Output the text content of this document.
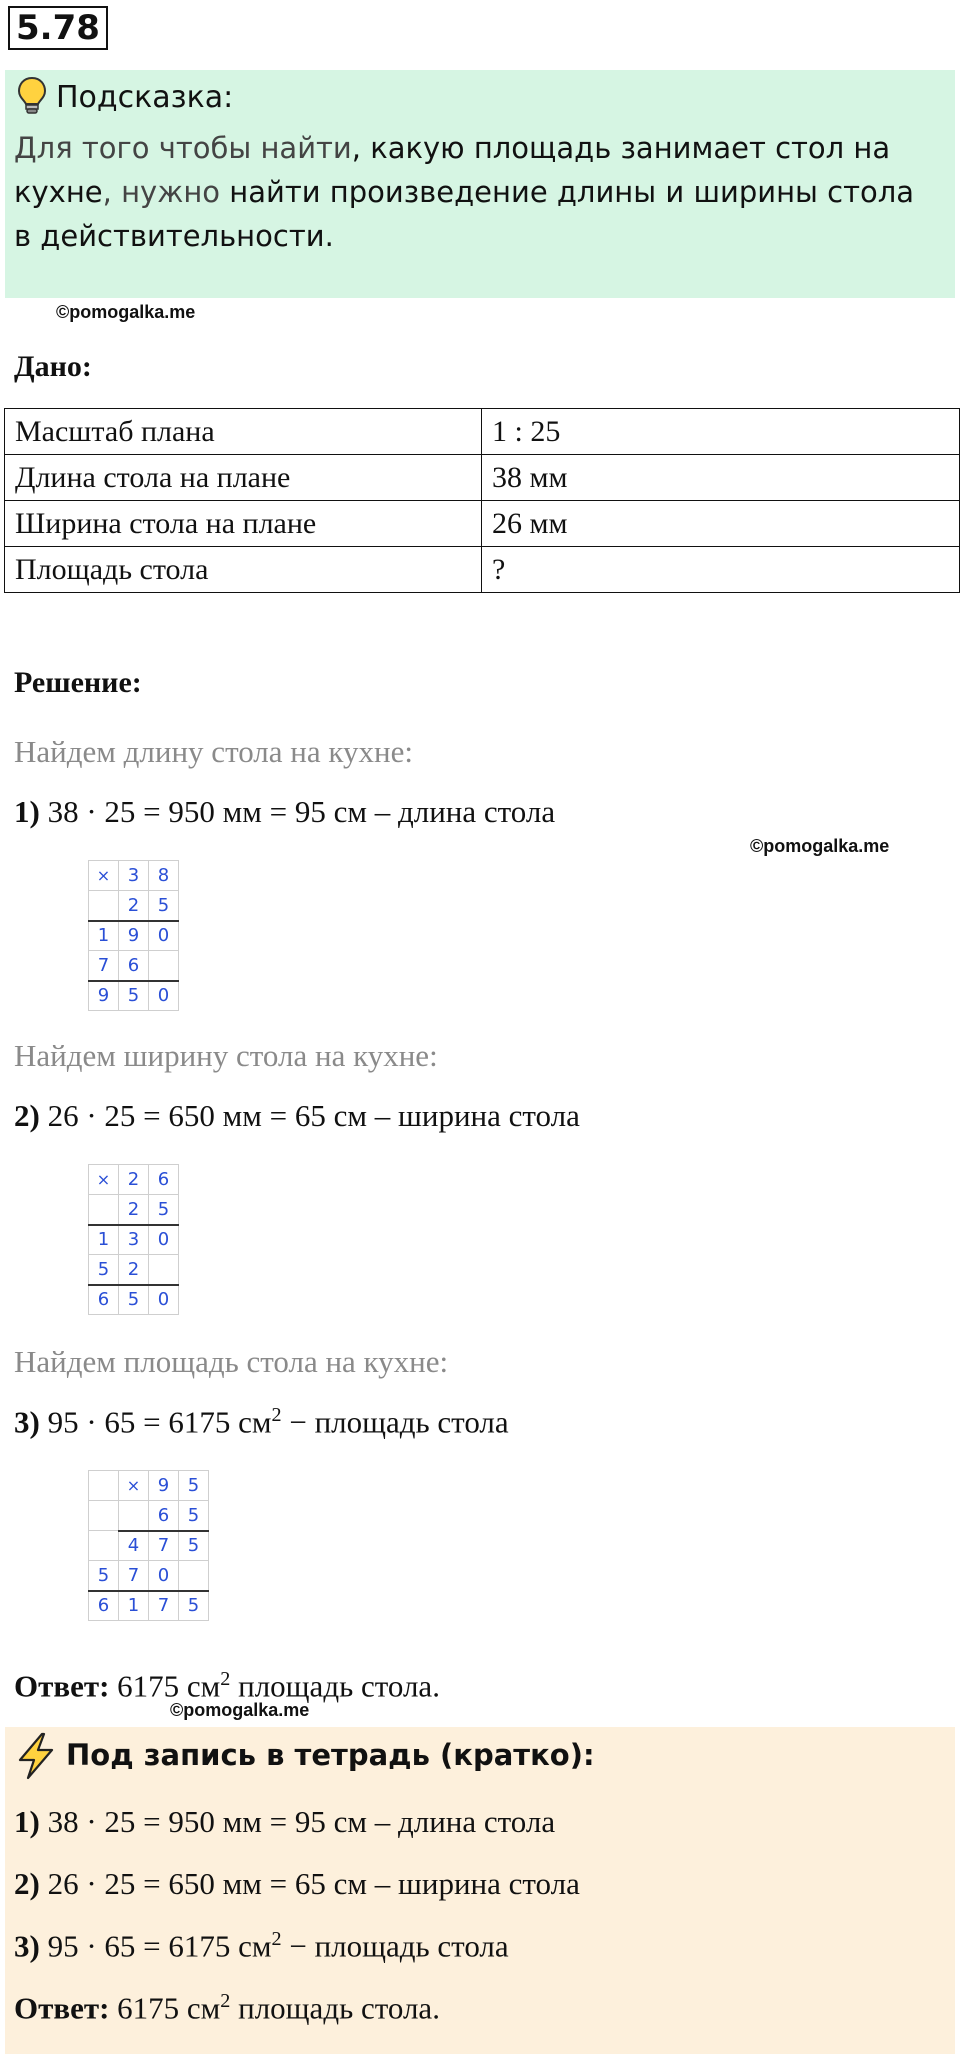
5.78
Подсказка:
Для того чтобы найти, какую площадь занимает стол на кухне, нужно найти произведение длины и ширины стола в действительности.
©pomogalka.me
Дано:
Масштаб плана	1 : 25
Длина стола на плане	38 мм
Ширина стола на плане	26 мм
Площадь стола	?
Решение:
Найдем длину стола на кухне:
1) 38 · 25 = 950 мм = 95 см – длина стола
©pomogalka.me
×	3	8
	2	5
1	9	0
7	6	
9	5	0
Найдем ширину стола на кухне:
2) 26 · 25 = 650 мм = 65 см – ширина стола
×	2	6
	2	5
1	3	0
5	2	
6	5	0
Найдем площадь стола на кухне:
3) 95 · 65 = 6175 $см^2$ − площадь стола
	×	9	5
		6	5
	4	7	5
5	7	0	
6	1	7	5
Ответ: 6175 $см^2$ площадь стола.
©pomogalka.me
Под запись в тетрадь (кратко):
1) 38 · 25 = 950 мм = 95 см – длина стола
2) 26 · 25 = 650 мм = 65 см – ширина стола
3) 95 · 65 = 6175 $см^2$ − площадь стола
Ответ: 6175 $см^2$ площадь стола.
